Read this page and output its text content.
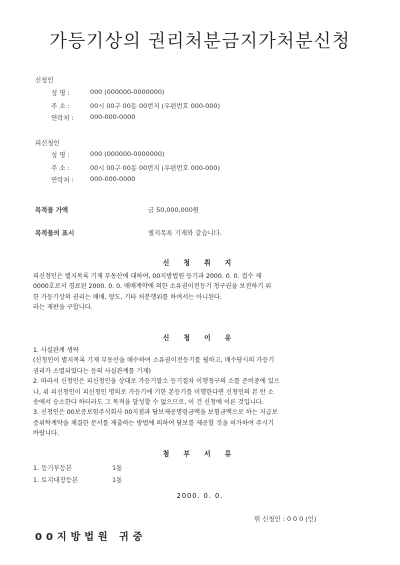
가등기상의 권리처분금지가처분신청
신청인
성 명 :	000 (000000-0000000)
주 소 :	00시 00구 00동 00번지 (우편번호 000-000)
연락처 :	000-000-0000
피신청인
성 명 :	000 (000000-0000000)
주 소 :	00시 00구 00동 00번지 (우편번호 000-000)
연락처 :	000-000-0000
목적물 가액	금 50,000,000원
목적물의 표시	별지목록 기재와 같습니다.
신 청 취 지
피신청인은 별지목록 기재 부동산에 대하여, 00지방법원 등기과 2000. 0. 0. 접수 제
0000호로서 경료된 2000. 0. 0. 매매계약에 의한 소유권이전등기 청구권을 보전하기 위
한 가등기상의 권리는 매매, 양도, 기타 처분행위를 하여서는 아니된다.
라는 재판을 구합니다.
신 청 이 유
1. 사실관계 생략
(신청인이 별지목록 기재 부동산을 매수하여 소유권이전등기를 필하고, 매수당시의 가등기
권리가 소멸되었다는 등의 사실관계를 기재)
2. 따라서 신청인은 피신청인을 상대로 가등기말소 등기절차 이행청구의 소를 준비중에 있으
나, 위 피신청인이 피신청인 명의로 가등기에 기한 본등기를 이행한다면 신청인의 본 안 소
송에서 승소한다 하더라도 그 목적을 달성할 수 없으므로, 이 건 신청에 이른 것입니다.
3. 신청인은 00보증보험주식회사 00지점과 담보제공명령금액을 보험금액으로 하는 지급보
증위탁계약을 체결한 문서를 제출하는 방법에 의하여 담보를 제공할 것을 허가하여 주시기
바랍니다.
첨 부 서 류
1. 등기부등본	1통
1. 토지대장등본	1통
2000. 0. 0.
위 신청인 : 0 0 0 (인)
00지방법원 귀중
